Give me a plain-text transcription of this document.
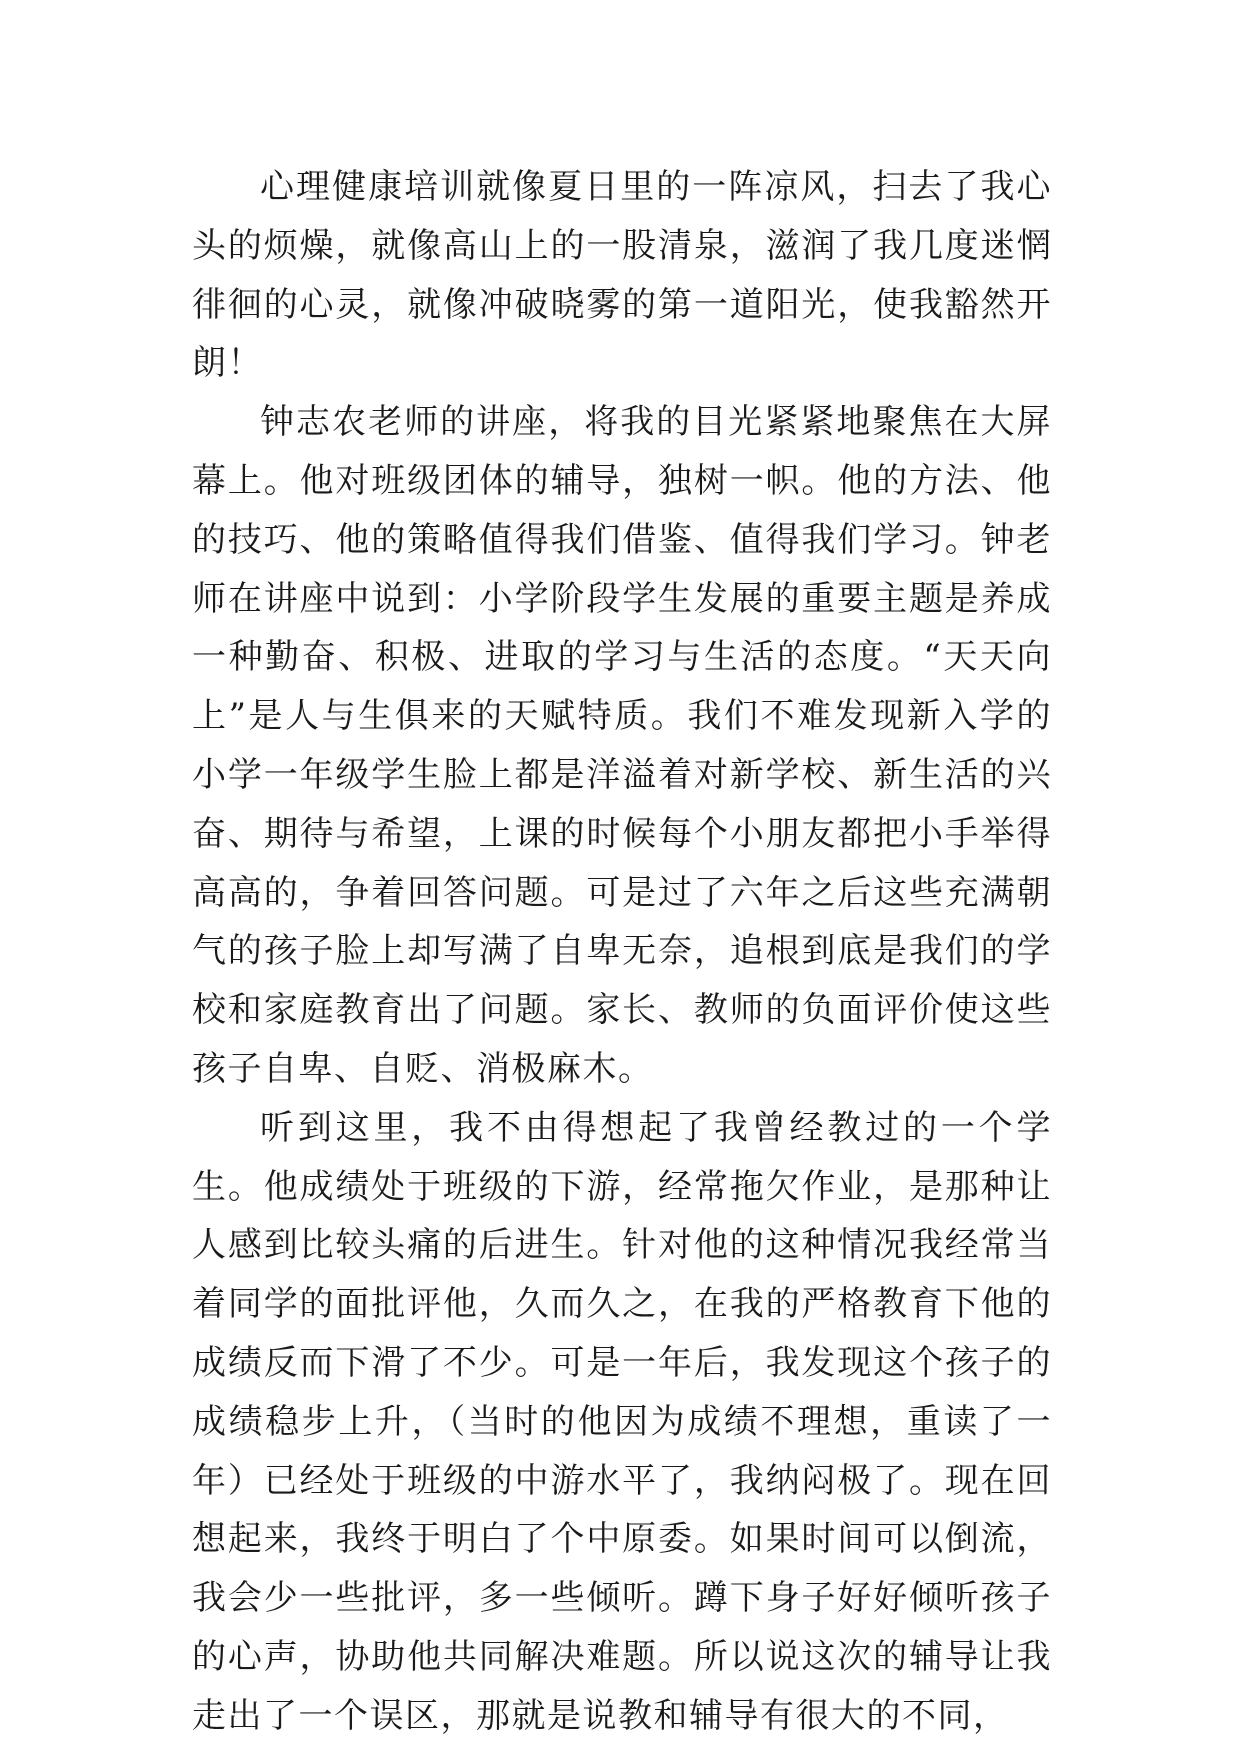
心理健康培训就像夏日里的一阵凉风，扫去了我心头的烦燥，就像高山上的一股清泉，滋润了我几度迷惘徘徊的心灵，就像冲破晓雾的第一道阳光，使我豁然开朗！

钟志农老师的讲座，将我的目光紧紧地聚焦在大屏幕上。他对班级团体的辅导，独树一帜。他的方法、他的技巧、他的策略值得我们借鉴、值得我们学习。钟老师在讲座中说到：小学阶段学生发展的重要主题是养成一种勤奋、积极、进取的学习与生活的态度。“天天向上”是人与生俱来的天赋特质。我们不难发现新入学的小学一年级学生脸上都是洋溢着对新学校、新生活的兴奋、期待与希望，上课的时候每个小朋友都把小手举得高高的，争着回答问题。可是过了六年之后这些充满朝气的孩子脸上却写满了自卑无奈，追根到底是我们的学校和家庭教育出了问题。家长、教师的负面评价使这些孩子自卑、自贬、消极麻木。

听到这里，我不由得想起了我曾经教过的一个学生。他成绩处于班级的下游，经常拖欠作业，是那种让人感到比较头痛的后进生。针对他的这种情况我经常当着同学的面批评他，久而久之，在我的严格教育下他的成绩反而下滑了不少。可是一年后，我发现这个孩子的成绩稳步上升，（当时的他因为成绩不理想，重读了一年）已经处于班级的中游水平了，我纳闷极了。现在回想起来，我终于明白了个中原委。如果时间可以倒流，我会少一些批评，多一些倾听。蹲下身子好好倾听孩子的心声，协助他共同解决难题。所以说这次的辅导让我走出了一个误区，那就是说教和辅导有很大的不同，
